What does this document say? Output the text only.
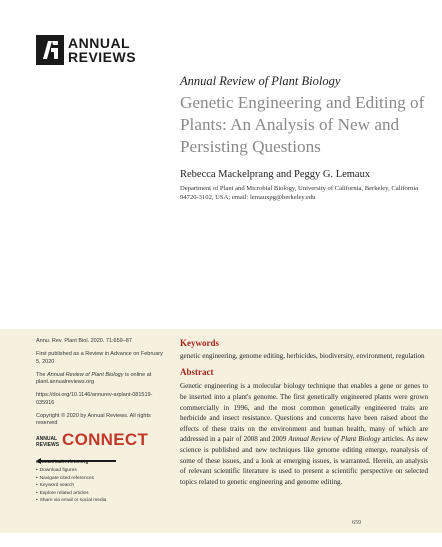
ANNUAL
REVIEWS
Annual Review of Plant Biology
Genetic Engineering and Editing of Plants: An Analysis of New and Persisting Questions
Rebecca Mackelprang and Peggy G. Lemaux
Department of Plant and Microbial Biology, University of California, Berkeley, California 94720-3102, USA; email: lemauxpg@berkeley.edu

Annu. Rev. Plant Biol. 2020. 71:659–87

First published as a Review in Advance on February 5, 2020

The Annual Review of Plant Biology is online at plant.annualreviews.org

https://doi.org/10.1146/annurev-arplant-081519-035916

Copyright © 2020 by Annual Reviews. All rights reserved

ANNUAL
REVIEWS CONNECT
• Download figures
• Navigate cited references
• Keyword search
• Explore related articles
• Share via email or social media
Keywords

genetic engineering, genome editing, herbicides, biodiversity, environment, regulation

Abstract

Genetic engineering is a molecular biology technique that enables a gene or genes to be inserted into a plant's genome. The first genetically engineered plants were grown commercially in 1996, and the most common genetically engineered traits are herbicide and insect resistance. Questions and concerns have been raised about the effects of these traits on the environment and human health, many of which are addressed in a pair of 2008 and 2009 Annual Review of Plant Biology articles. As new science is published and new techniques like genome editing emerge, reanalysis of some of these issues, and a look at emerging issues, is warranted. Herein, an analysis of relevant scientific literature is used to present a scientific perspective on selected topics related to genetic engineering and genome editing.

659
